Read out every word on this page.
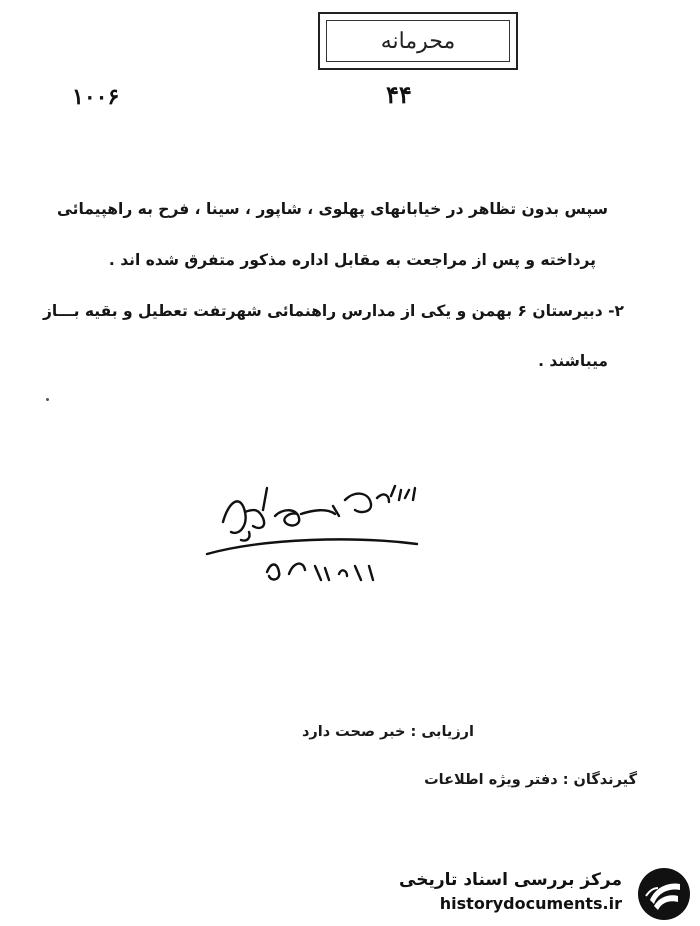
محرمانه
۱۰۰۶	۴۴
سپس بدون تظاهر در خیابانهای پهلوی ، شاپور ، سینا ، فرح به راهپیمائی
پرداخته و پس از مراجعت به مقابل اداره مذکور متفرق شده اند .
۲- دبیرستان ۶ بهمن و یکی از مدارس راهنمائی شهرتفت تعطیل و بقیه بـــاز
میباشند .
ارزیابی : خبر صحت دارد
گیرندگان : دفتر ویژه اطلاعات
مرکز بررسی اسناد تاریخی
historydocuments.ir
